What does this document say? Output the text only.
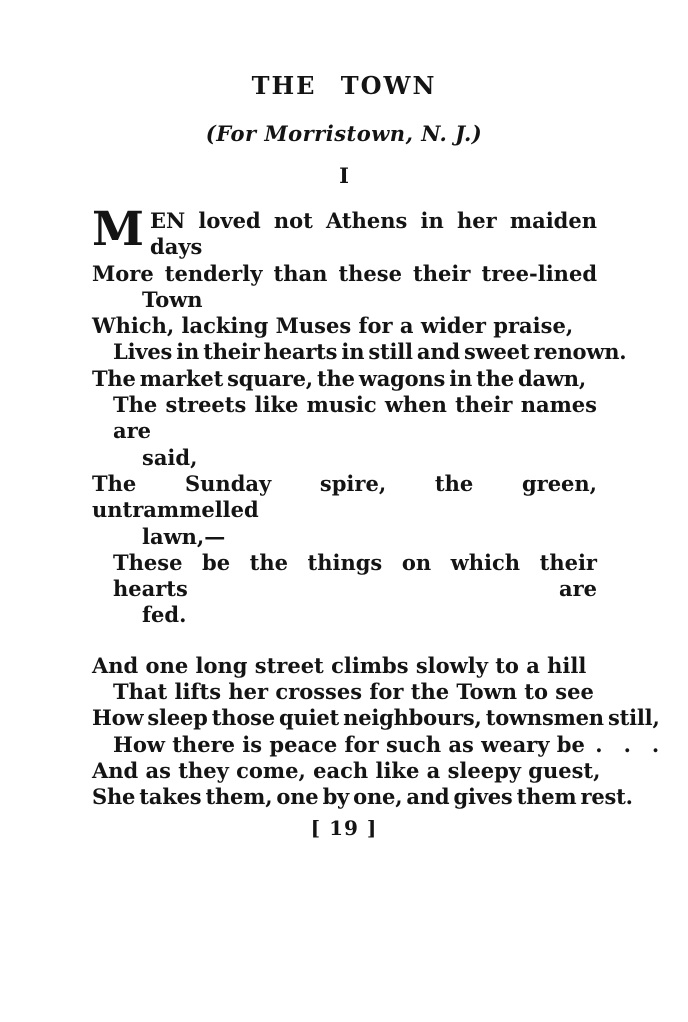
THE TOWN
(For Morristown, N. J.)
I
MEN loved not Athens in her maiden days
More tenderly than these their tree-lined
Town
Which, lacking Muses for a wider praise,
Lives in their hearts in still and sweet renown.
The market square, the wagons in the dawn,
The streets like music when their names are
said,
The Sunday spire, the green, untrammelled
lawn,—
These be the things on which their hearts are
fed.
And one long street climbs slowly to a hill
That lifts her crosses for the Town to see
How sleep those quiet neighbours, townsmen still,
How there is peace for such as weary be .  .  .
And as they come, each like a sleepy guest,
She takes them, one by one, and gives them rest.
[ 19 ]
